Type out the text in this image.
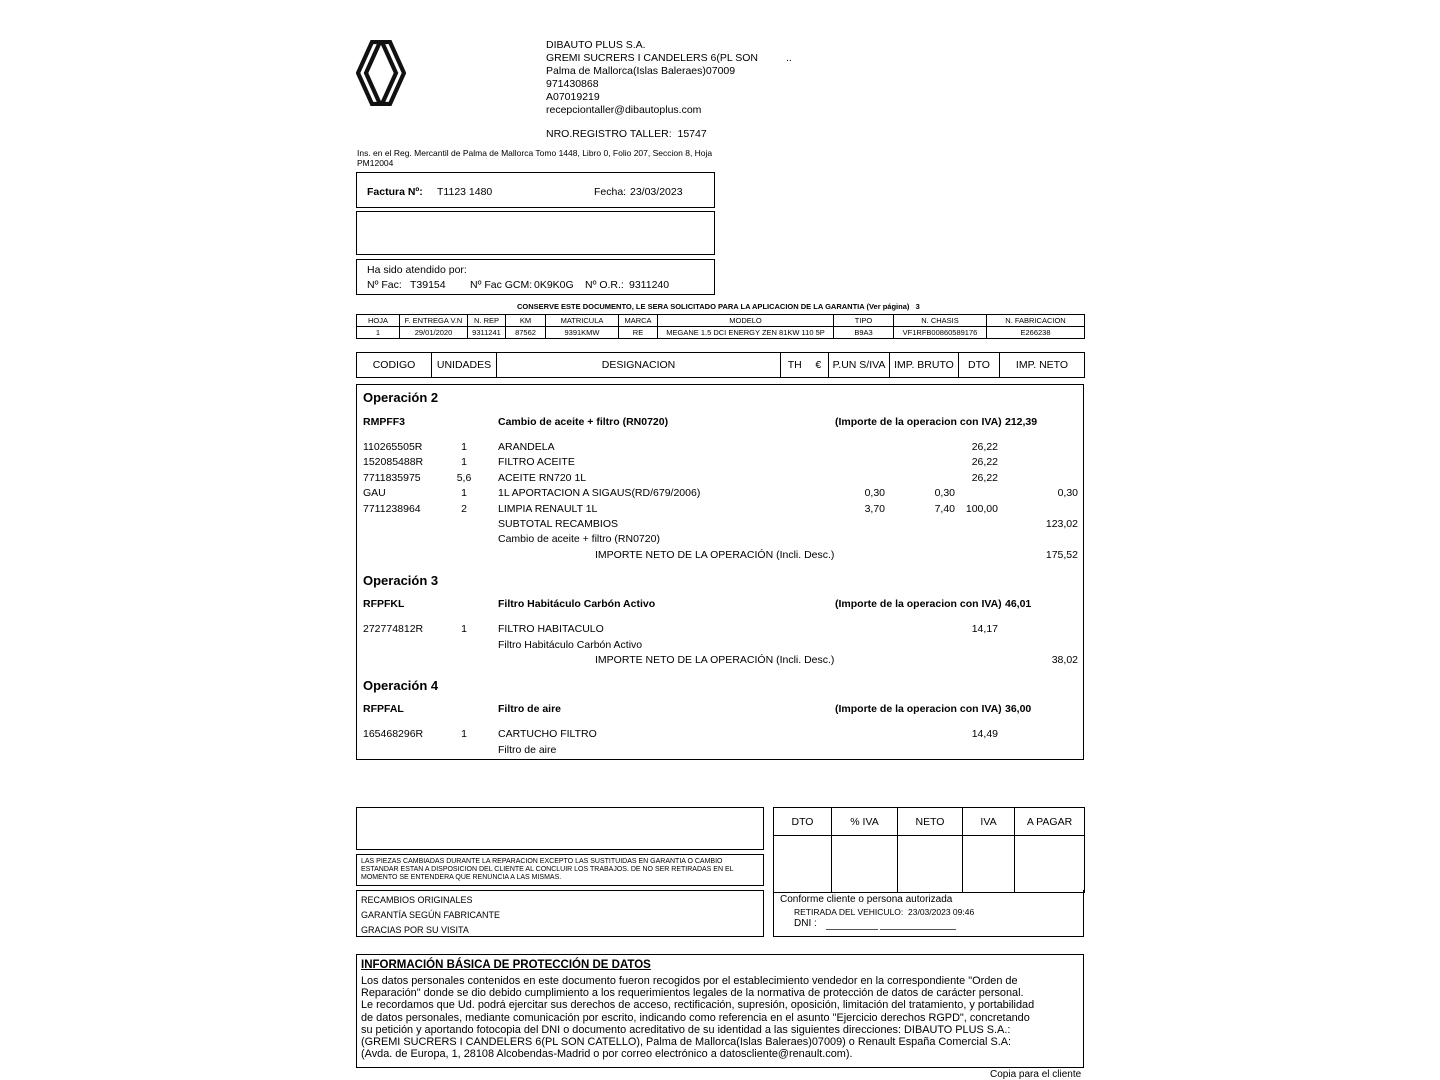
DIBAUTO PLUS S.A.
GREMI SUCRERS I CANDELERS 6(PL SON	..
Palma de Mallorca(Islas Baleraes)07009
971430868
A07019219
recepciontaller@dibautoplus.com
NRO.REGISTRO TALLER: 15747
Ins. en el Reg. Mercantil de Palma de Mallorca Tomo 1448, Libro 0, Folio 207, Seccion 8, Hoja PM12004
Factura Nº: T1123 1480	Fecha: 23/03/2023
Ha sido atendido por:
Nº Fac: T39154 Nº Fac GCM: 0K9K0G Nº O.R.: 9311240
CONSERVE ESTE DOCUMENTO, LE SERA SOLICITADO PARA LA APLICACION DE LA GARANTIA (Ver página) 3
HOJA	F. ENTREGA V.N	N. REP	KM	MATRICULA	MARCA	MODELO	TIPO	N. CHASIS	N. FABRICACION
1	29/01/2020	9311241	87562	9391KMW	RE	MEGANE 1.5 DCI ENERGY ZEN 81KW 110 5P	B9A3	VF1RFB00860589176	E266238
CODIGO	UNIDADES	DESIGNACION	TH	€	P.UN S/IVA	IMP. BRUTO	DTO	IMP. NETO
Operación 2
RMPFF3	Cambio de aceite + filtro (RN0720)	(Importe de la operacion con IVA) 212,39
110265505R	1	ARANDELA	26,22
152085488R	1	FILTRO ACEITE	26,22
7711835975	5,6	ACEITE RN720 1L	26,22
GAU	1	1L APORTACION A SIGAUS(RD/679/2006)	0,30	0,30	0,30
7711238964	2	LIMPIA RENAULT 1L	3,70	7,40	100,00
SUBTOTAL RECAMBIOS	123,02
Cambio de aceite + filtro (RN0720)
IMPORTE NETO DE LA OPERACIÓN (Incli. Desc.)	175,52
Operación 3
RFPFKL	Filtro Habitáculo Carbón Activo	(Importe de la operacion con IVA) 46,01
272774812R	1	FILTRO HABITACULO	14,17
Filtro Habitáculo Carbón Activo
IMPORTE NETO DE LA OPERACIÓN (Incli. Desc.)	38,02
Operación 4
RFPFAL	Filtro de aire	(Importe de la operacion con IVA) 36,00
165468296R	1	CARTUCHO FILTRO	14,49
Filtro de aire
LAS PIEZAS CAMBIADAS DURANTE LA REPARACION EXCEPTO LAS SUSTITUIDAS EN GARANTIA O CAMBIO ESTANDAR ESTAN A DISPOSICION DEL CLIENTE AL CONCLUIR LOS TRABAJOS. DE NO SER RETIRADAS EN EL MOMENTO SE ENTENDERA QUE RENUNCIA A LAS MISMAS.
RECAMBIOS ORIGINALES
GARANTÍA SEGÚN FABRICANTE
GRACIAS POR SU VISITA
DTO	% IVA	NETO	IVA	A PAGAR

Conforme cliente o persona autorizada
RETIRADA DEL VEHICULO: 23/03/2023 09:46
DNI :
INFORMACIÓN BÁSICA DE PROTECCIÓN DE DATOS

Los datos personales contenidos en este documento fueron recogidos por el establecimiento vendedor en la correspondiente "Orden de

Reparación" donde se dio debido cumplimiento a los requerimientos legales de la normativa de protección de datos de carácter personal.

Le recordamos que Ud. podrá ejercitar sus derechos de acceso, rectificación, supresión, oposición, limitación del tratamiento, y portabilidad

de datos personales, mediante comunicación por escrito, indicando como referencia en el asunto "Ejercicio derechos RGPD", concretando

su petición y aportando fotocopia del DNI o documento acreditativo de su identidad a las siguientes direcciones: DIBAUTO PLUS S.A.:

(GREMI SUCRERS I CANDELERS 6(PL SON CATELLO), Palma de Mallorca(Islas Baleraes)07009) o Renault España Comercial S.A:

(Avda. de Europa, 1, 28108 Alcobendas-Madrid o por correo electrónico a datoscliente@renault.com).

Copia para el cliente
